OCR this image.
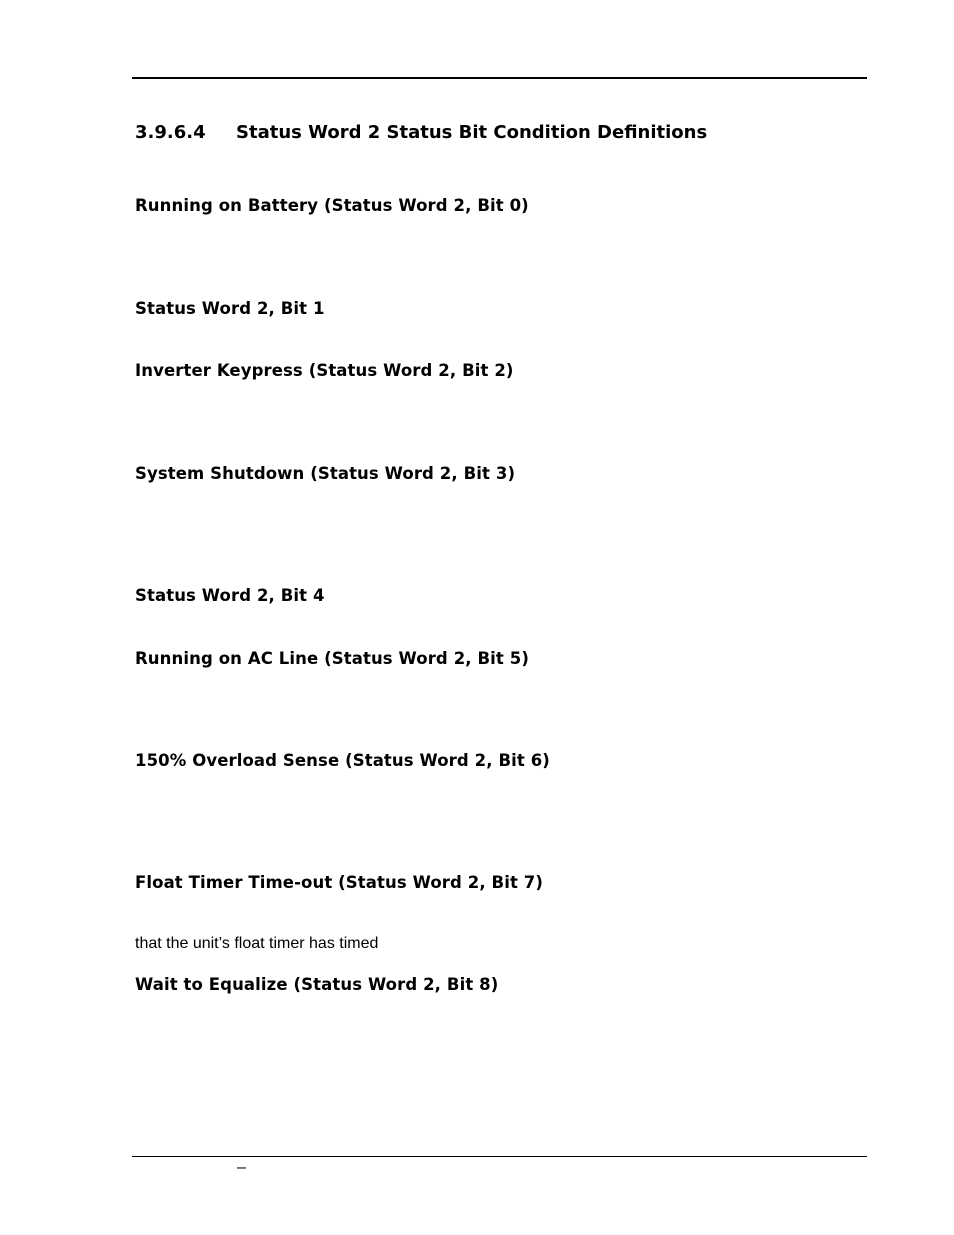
3.9.6.4 Status Word 2 Status Bit Condition Definitions
Running on Battery (Status Word 2, Bit 0)
Status Word 2, Bit 1
Inverter Keypress (Status Word 2, Bit 2)
System Shutdown (Status Word 2, Bit 3)
Status Word 2, Bit 4
Running on AC Line (Status Word 2, Bit 5)
150% Overload Sense (Status Word 2, Bit 6)
Float Timer Time-out (Status Word 2, Bit 7)

that the unit’s float timer has timed

Wait to Equalize (Status Word 2, Bit 8)
–
